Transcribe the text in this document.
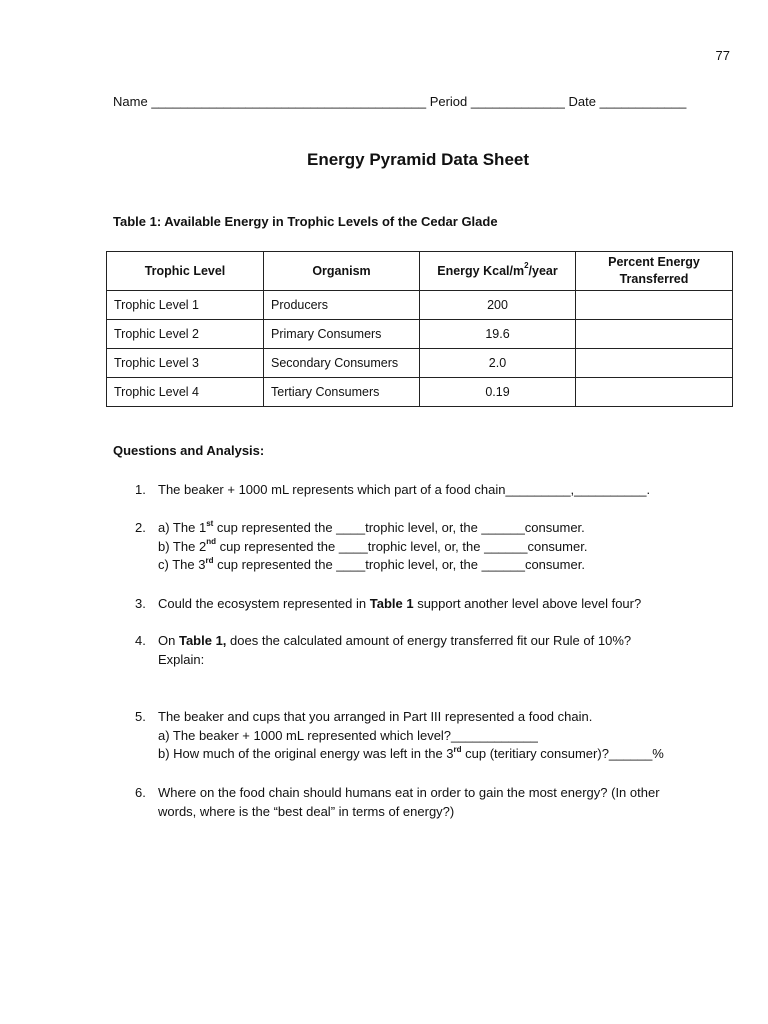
77
Name ______________________________________ Period _____________ Date ____________
Energy Pyramid Data Sheet
Table 1: Available Energy in Trophic Levels of the Cedar Glade
Trophic Level	Organism	Energy Kcal/$m^2$/year	Percent Energy
Transferred
Trophic Level 1	Producers	200	
Trophic Level 2	Primary Consumers	19.6	
Trophic Level 3	Secondary Consumers	2.0	
Trophic Level 4	Tertiary Consumers	0.19	
Questions and Analysis:
1. The beaker + 1000 mL represents which part of a food chain_________,__________.
2. a) The 1st cup represented the ____trophic level, or, the ______consumer.
b) The 2nd cup represented the ____trophic level, or, the ______consumer.
c) The 3rd cup represented the ____trophic level, or, the ______consumer.
3. Could the ecosystem represented in Table 1 support another level above level four?
4. On Table 1, does the calculated amount of energy transferred fit our Rule of 10%?
Explain:
5. The beaker and cups that you arranged in Part III represented a food chain.
a) The beaker + 1000 mL represented which level?____________
b) How much of the original energy was left in the 3rd cup (teritiary consumer)?______%
6. Where on the food chain should humans eat in order to gain the most energy? (In other
words, where is the “best deal” in terms of energy?)
